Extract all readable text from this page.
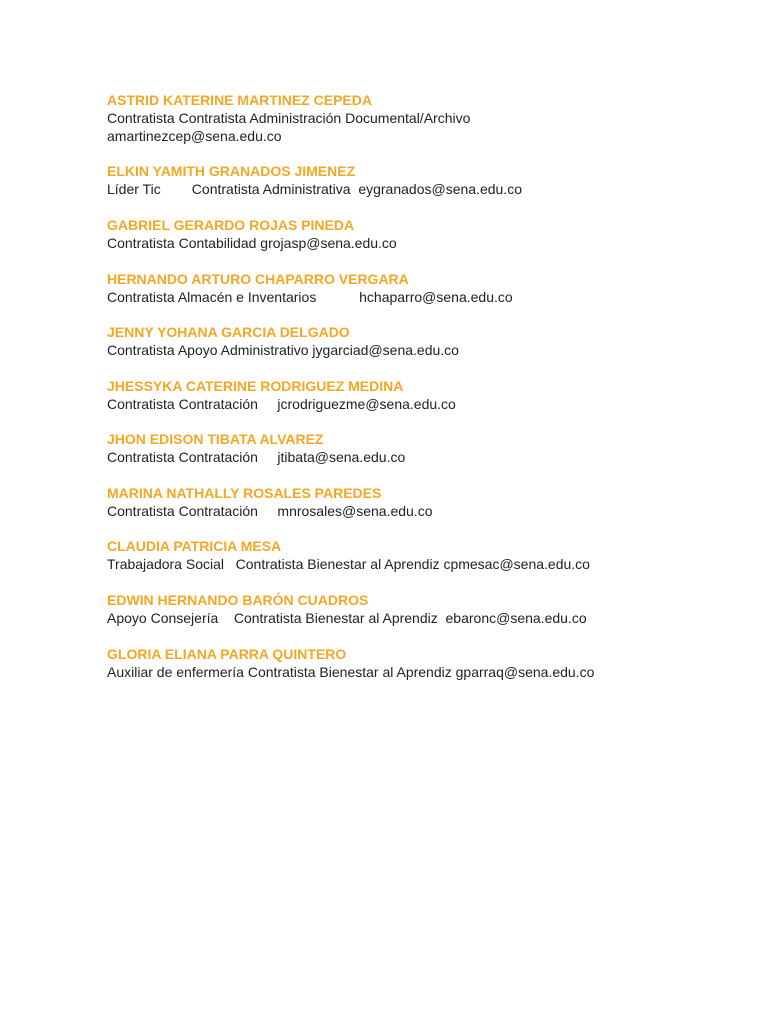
ASTRID KATERINE MARTINEZ CEPEDA
Contratista Contratista Administración Documental/Archivo
amartinezcep@sena.edu.co
ELKIN YAMITH GRANADOS JIMENEZ
Líder Tic        Contratista Administrativa  eygranados@sena.edu.co
GABRIEL GERARDO ROJAS PINEDA
Contratista Contabilidad grojasp@sena.edu.co
HERNANDO ARTURO CHAPARRO VERGARA
Contratista Almacén e Inventarios           hchaparro@sena.edu.co
JENNY YOHANA GARCIA DELGADO
Contratista Apoyo Administrativo jygarciad@sena.edu.co
JHESSYKA CATERINE RODRIGUEZ MEDINA
Contratista Contratación     jcrodriguezme@sena.edu.co
JHON EDISON TIBATA ALVAREZ
Contratista Contratación     jtibata@sena.edu.co
MARINA NATHALLY ROSALES PAREDES
Contratista Contratación     mnrosales@sena.edu.co
CLAUDIA PATRICIA MESA
Trabajadora Social   Contratista Bienestar al Aprendiz cpmesac@sena.edu.co
EDWIN HERNANDO BARÓN CUADROS
Apoyo Consejería    Contratista Bienestar al Aprendiz  ebaronc@sena.edu.co
GLORIA ELIANA PARRA QUINTERO
Auxiliar de enfermería Contratista Bienestar al Aprendiz gparraq@sena.edu.co
